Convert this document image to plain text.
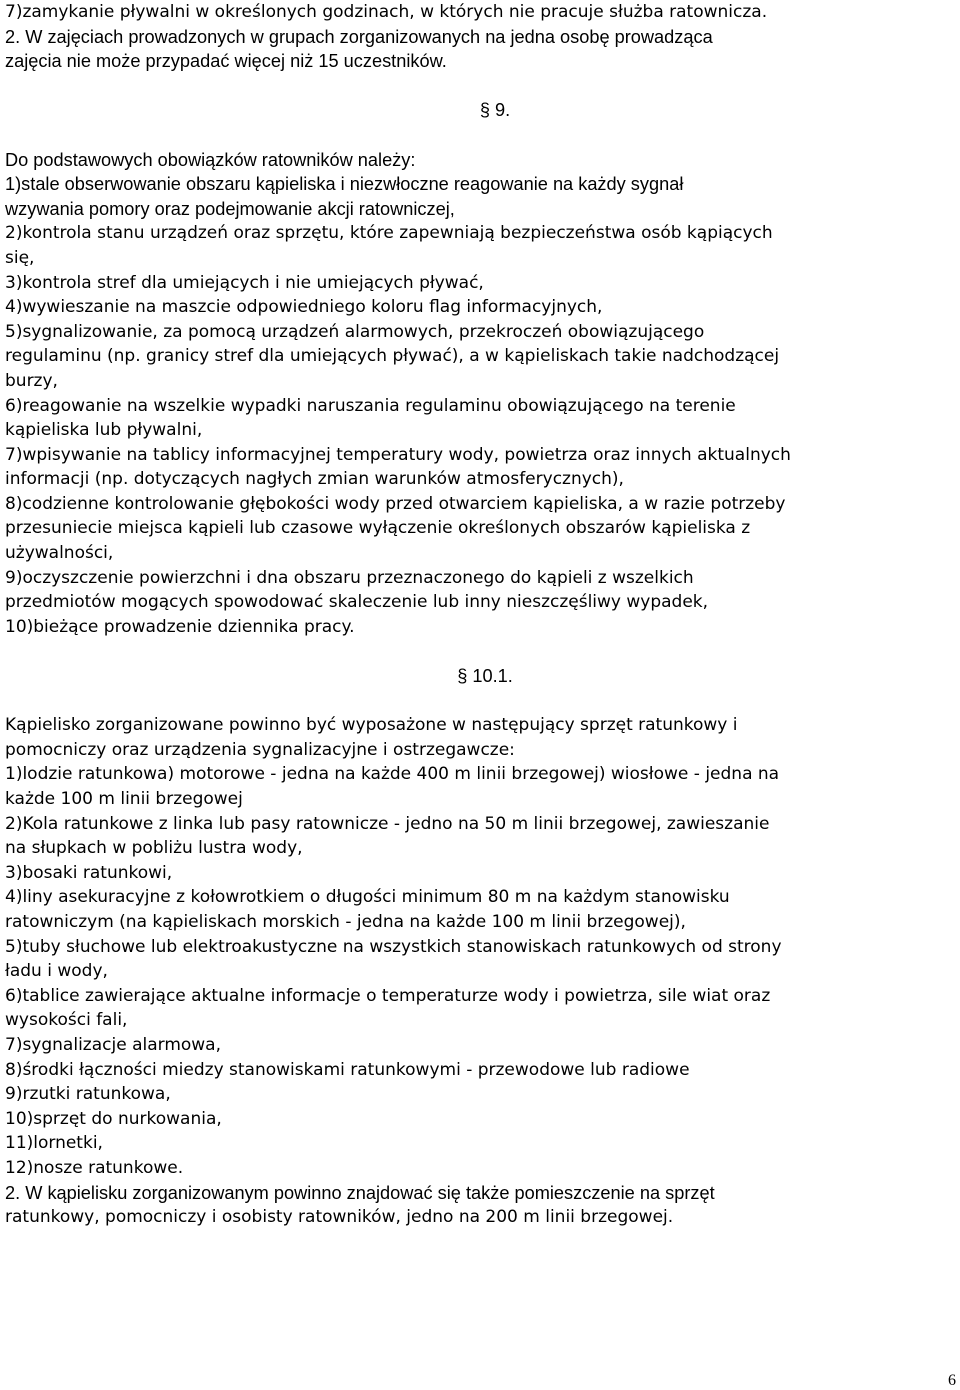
7)zamykanie pływalni w określonych godzinach, w których nie pracuje służba ratownicza.
2. W zajęciach prowadzonych w grupach zorganizowanych na jedna osobę prowadząca
zajęcia nie może przypadać więcej niż 15 uczestników.
§ 9.
Do podstawowych obowiązków ratowników należy:
1)stale obserwowanie obszaru kąpieliska i niezwłoczne reagowanie na każdy sygnał
wzywania pomory oraz podejmowanie akcji ratowniczej,
2)kontrola stanu urządzeń oraz sprzętu, które zapewniają bezpieczeństwa osób kąpiących
się,
3)kontrola stref dla umiejących i nie umiejących pływać,
4)wywieszanie na maszcie odpowiedniego koloru flag informacyjnych,
5)sygnalizowanie, za pomocą urządzeń alarmowych, przekroczeń obowiązującego
regulaminu (np. granicy stref dla umiejących pływać), a w kąpieliskach takie nadchodzącej
burzy,
6)reagowanie na wszelkie wypadki naruszania regulaminu obowiązującego na terenie
kąpieliska lub pływalni,
7)wpisywanie na tablicy informacyjnej temperatury wody, powietrza oraz innych aktualnych
informacji (np. dotyczących nagłych zmian warunków atmosferycznych),
8)codzienne kontrolowanie głębokości wody przed otwarciem kąpieliska, a w razie potrzeby
przesuniecie miejsca kąpieli lub czasowe wyłączenie określonych obszarów kąpieliska z
używalności,
9)oczyszczenie powierzchni i dna obszaru przeznaczonego do kąpieli z wszelkich
przedmiotów mogących spowodować skaleczenie lub inny nieszczęśliwy wypadek,
10)bieżące prowadzenie dziennika pracy.
§ 10.1.
Kąpielisko zorganizowane powinno być wyposażone w następujący sprzęt ratunkowy i
pomocniczy oraz urządzenia sygnalizacyjne i ostrzegawcze:
1)lodzie ratunkowa) motorowe - jedna na każde 400 m linii brzegowej) wiosłowe - jedna na
każde 100 m linii brzegowej
2)Kola ratunkowe z linka lub pasy ratownicze - jedno na 50 m linii brzegowej, zawieszanie
na słupkach w pobliżu lustra wody,
3)bosaki ratunkowi,
4)liny asekuracyjne z kołowrotkiem o długości minimum 80 m na każdym stanowisku
ratowniczym (na kąpieliskach morskich - jedna na każde 100 m linii brzegowej),
5)tuby słuchowe lub elektroakustyczne na wszystkich stanowiskach ratunkowych od strony
ładu i wody,
6)tablice zawierające aktualne informacje o temperaturze wody i powietrza, sile wiat oraz
wysokości fali,
7)sygnalizacje alarmowa,
8)środki łączności miedzy stanowiskami ratunkowymi - przewodowe lub radiowe
9)rzutki ratunkowa,
10)sprzęt do nurkowania,
11)lornetki,
12)nosze ratunkowe.
2. W kąpielisku zorganizowanym powinno znajdować się także pomieszczenie na sprzęt
ratunkowy, pomocniczy i osobisty ratowników, jedno na 200 m linii brzegowej.
6
